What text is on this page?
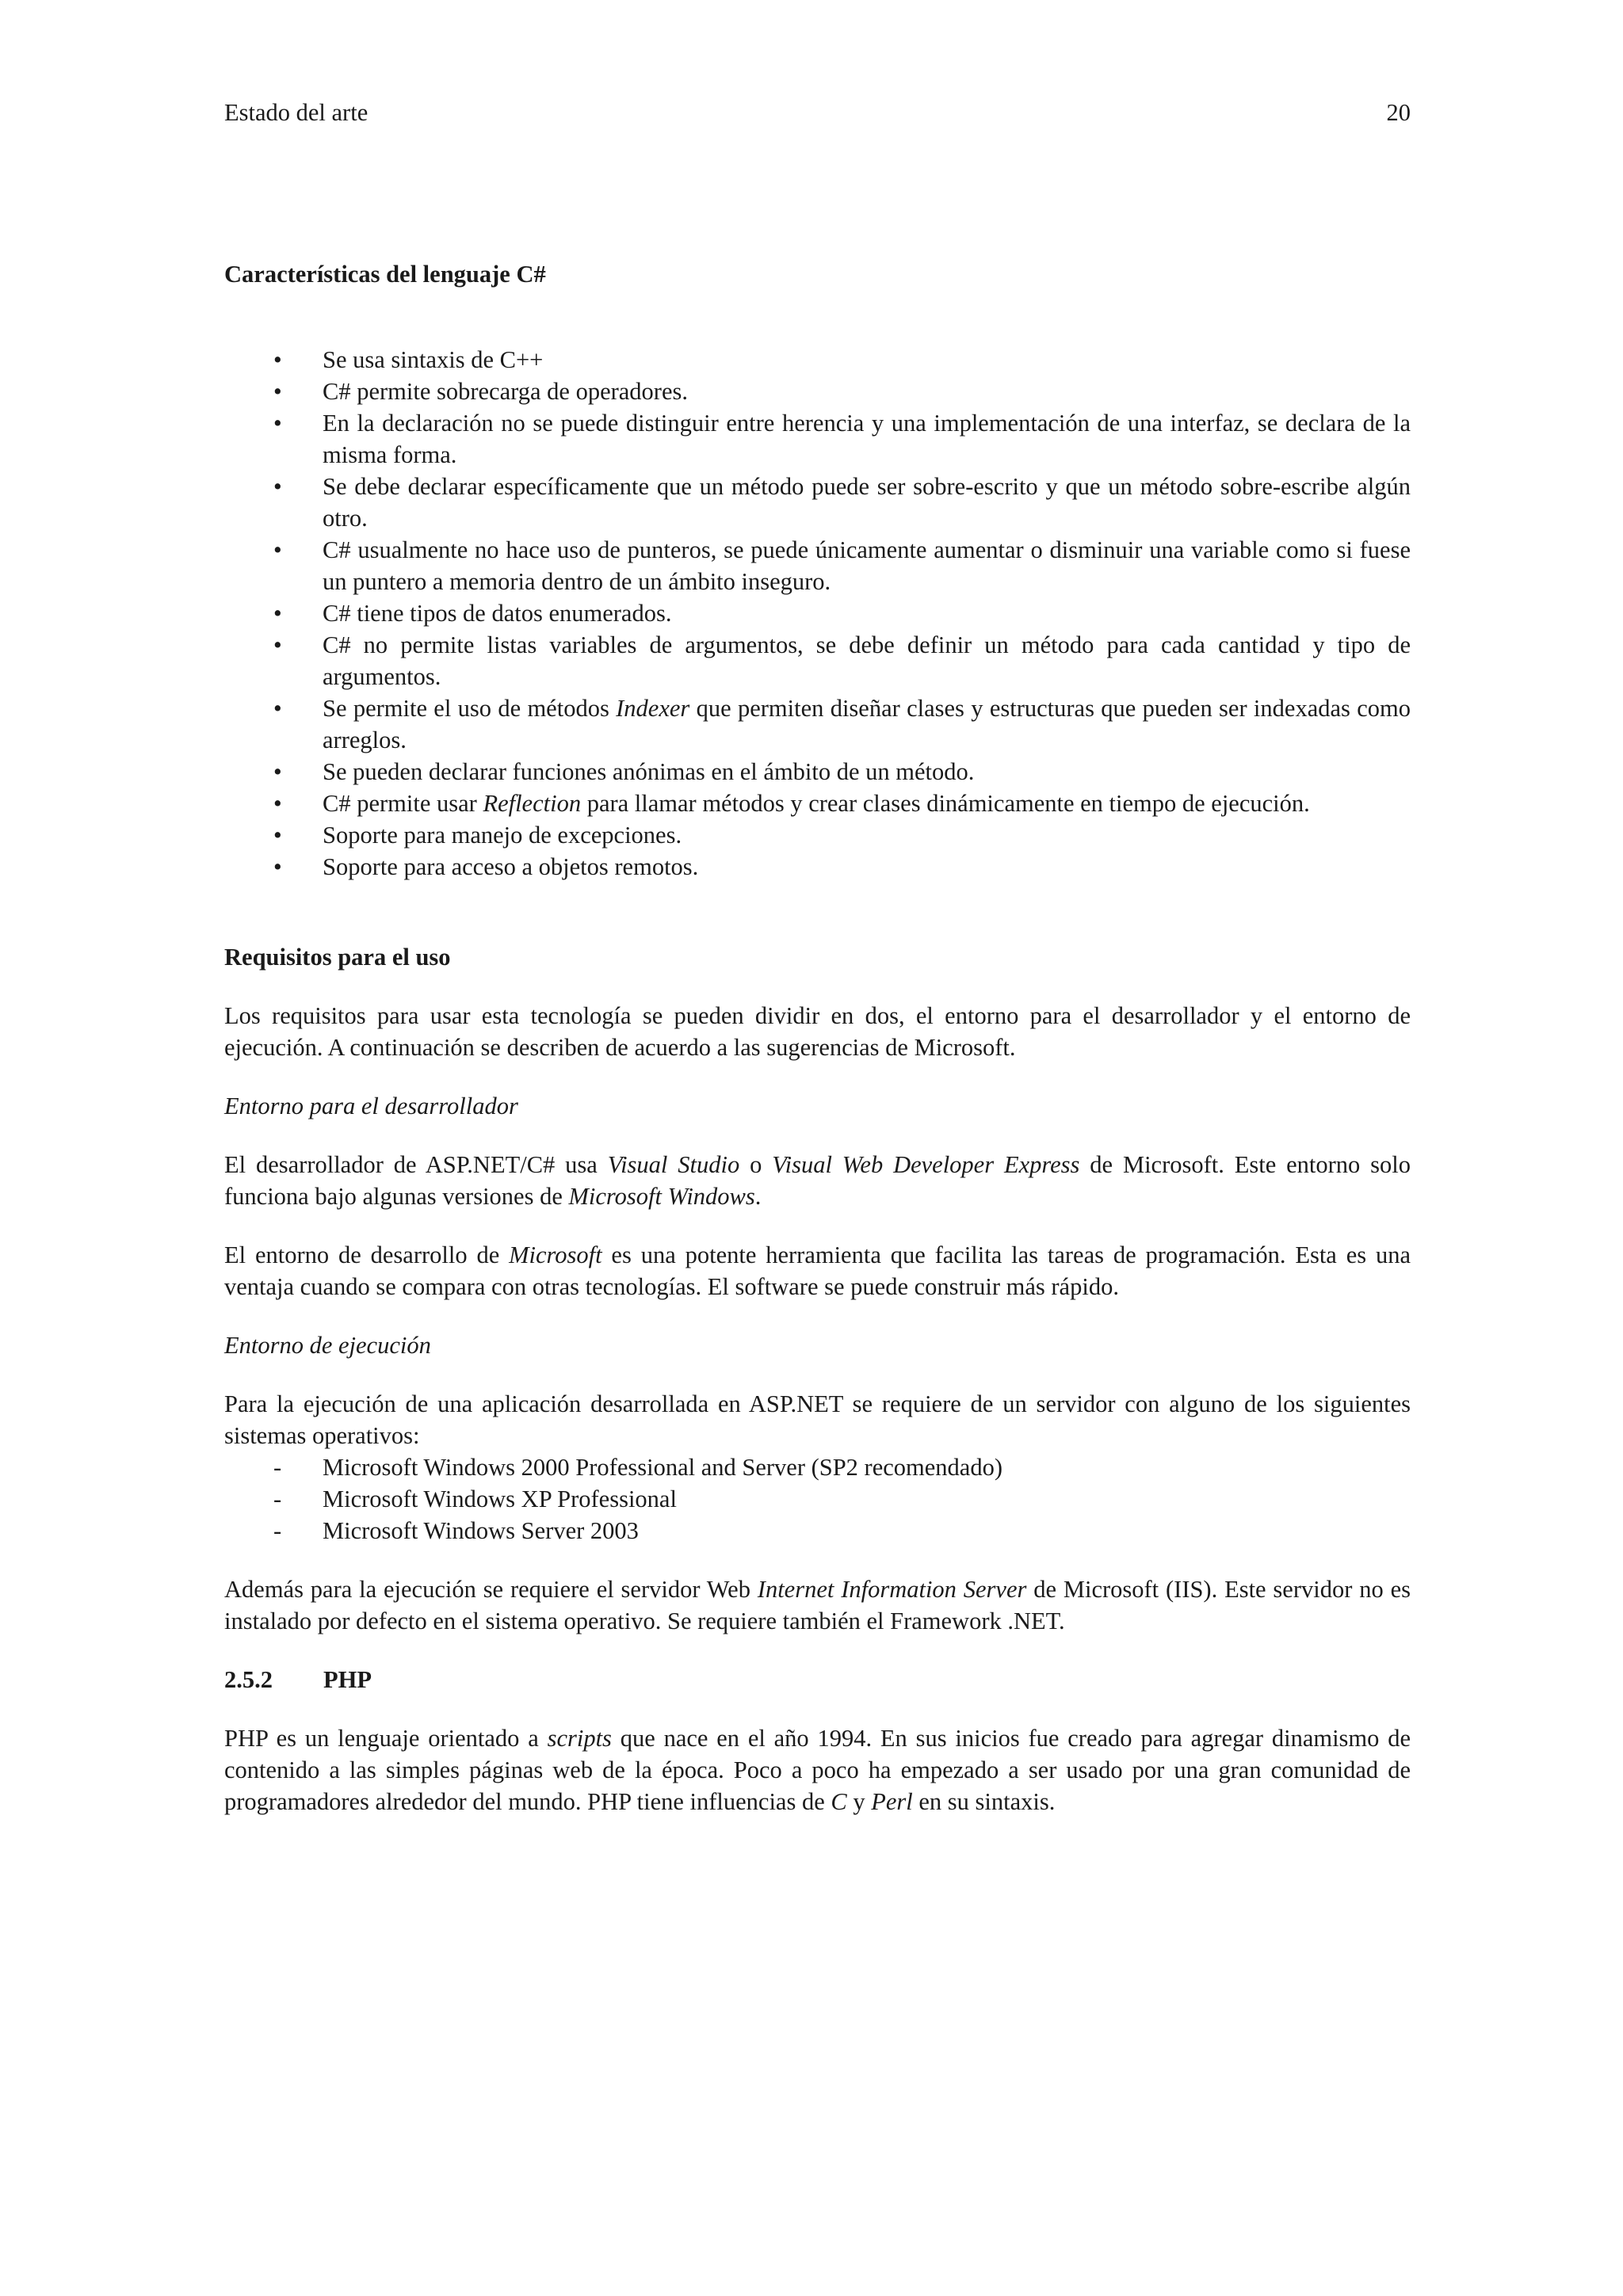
Estado del arte	20

Características del lenguaje C#

• Se usa sintaxis de C++
• C# permite sobrecarga de operadores.
• En la declaración no se puede distinguir entre herencia y una implementación de una interfaz, se declara de la misma forma.
• Se debe declarar específicamente que un método puede ser sobre-escrito y que un método sobre-escribe algún otro.
• C# usualmente no hace uso de punteros, se puede únicamente aumentar o disminuir una variable como si fuese un puntero a memoria dentro de un ámbito inseguro.
• C# tiene tipos de datos enumerados.
• C# no permite listas variables de argumentos, se debe definir un método para cada cantidad y tipo de argumentos.
• Se permite el uso de métodos Indexer que permiten diseñar clases y estructuras que pueden ser indexadas como arreglos.
• Se pueden declarar funciones anónimas en el ámbito de un método.
• C# permite usar Reflection para llamar métodos y crear clases dinámicamente en tiempo de ejecución.
• Soporte para manejo de excepciones.
• Soporte para acceso a objetos remotos.

Requisitos para el uso

Los requisitos para usar esta tecnología se pueden dividir en dos, el entorno para el desarrollador y el entorno de ejecución. A continuación se describen de acuerdo a las sugerencias de Microsoft.

Entorno para el desarrollador

El desarrollador de ASP.NET/C# usa Visual Studio o Visual Web Developer Express de Microsoft. Este entorno solo funciona bajo algunas versiones de Microsoft Windows.

El entorno de desarrollo de Microsoft es una potente herramienta que facilita las tareas de programación. Esta es una ventaja cuando se compara con otras tecnologías. El software se puede construir más rápido.

Entorno de ejecución

Para la ejecución de una aplicación desarrollada en ASP.NET se requiere de un servidor con alguno de los siguientes sistemas operativos:

- Microsoft Windows 2000 Professional and Server (SP2 recomendado)
- Microsoft Windows XP Professional
- Microsoft Windows Server 2003

Además para la ejecución se requiere el servidor Web Internet Information Server de Microsoft (IIS). Este servidor no es instalado por defecto en el sistema operativo. Se requiere también el Framework .NET.

2.5.2 PHP

PHP es un lenguaje orientado a scripts que nace en el año 1994. En sus inicios fue creado para agregar dinamismo de contenido a las simples páginas web de la época. Poco a poco ha empezado a ser usado por una gran comunidad de programadores alrededor del mundo. PHP tiene influencias de C y Perl en su sintaxis.
